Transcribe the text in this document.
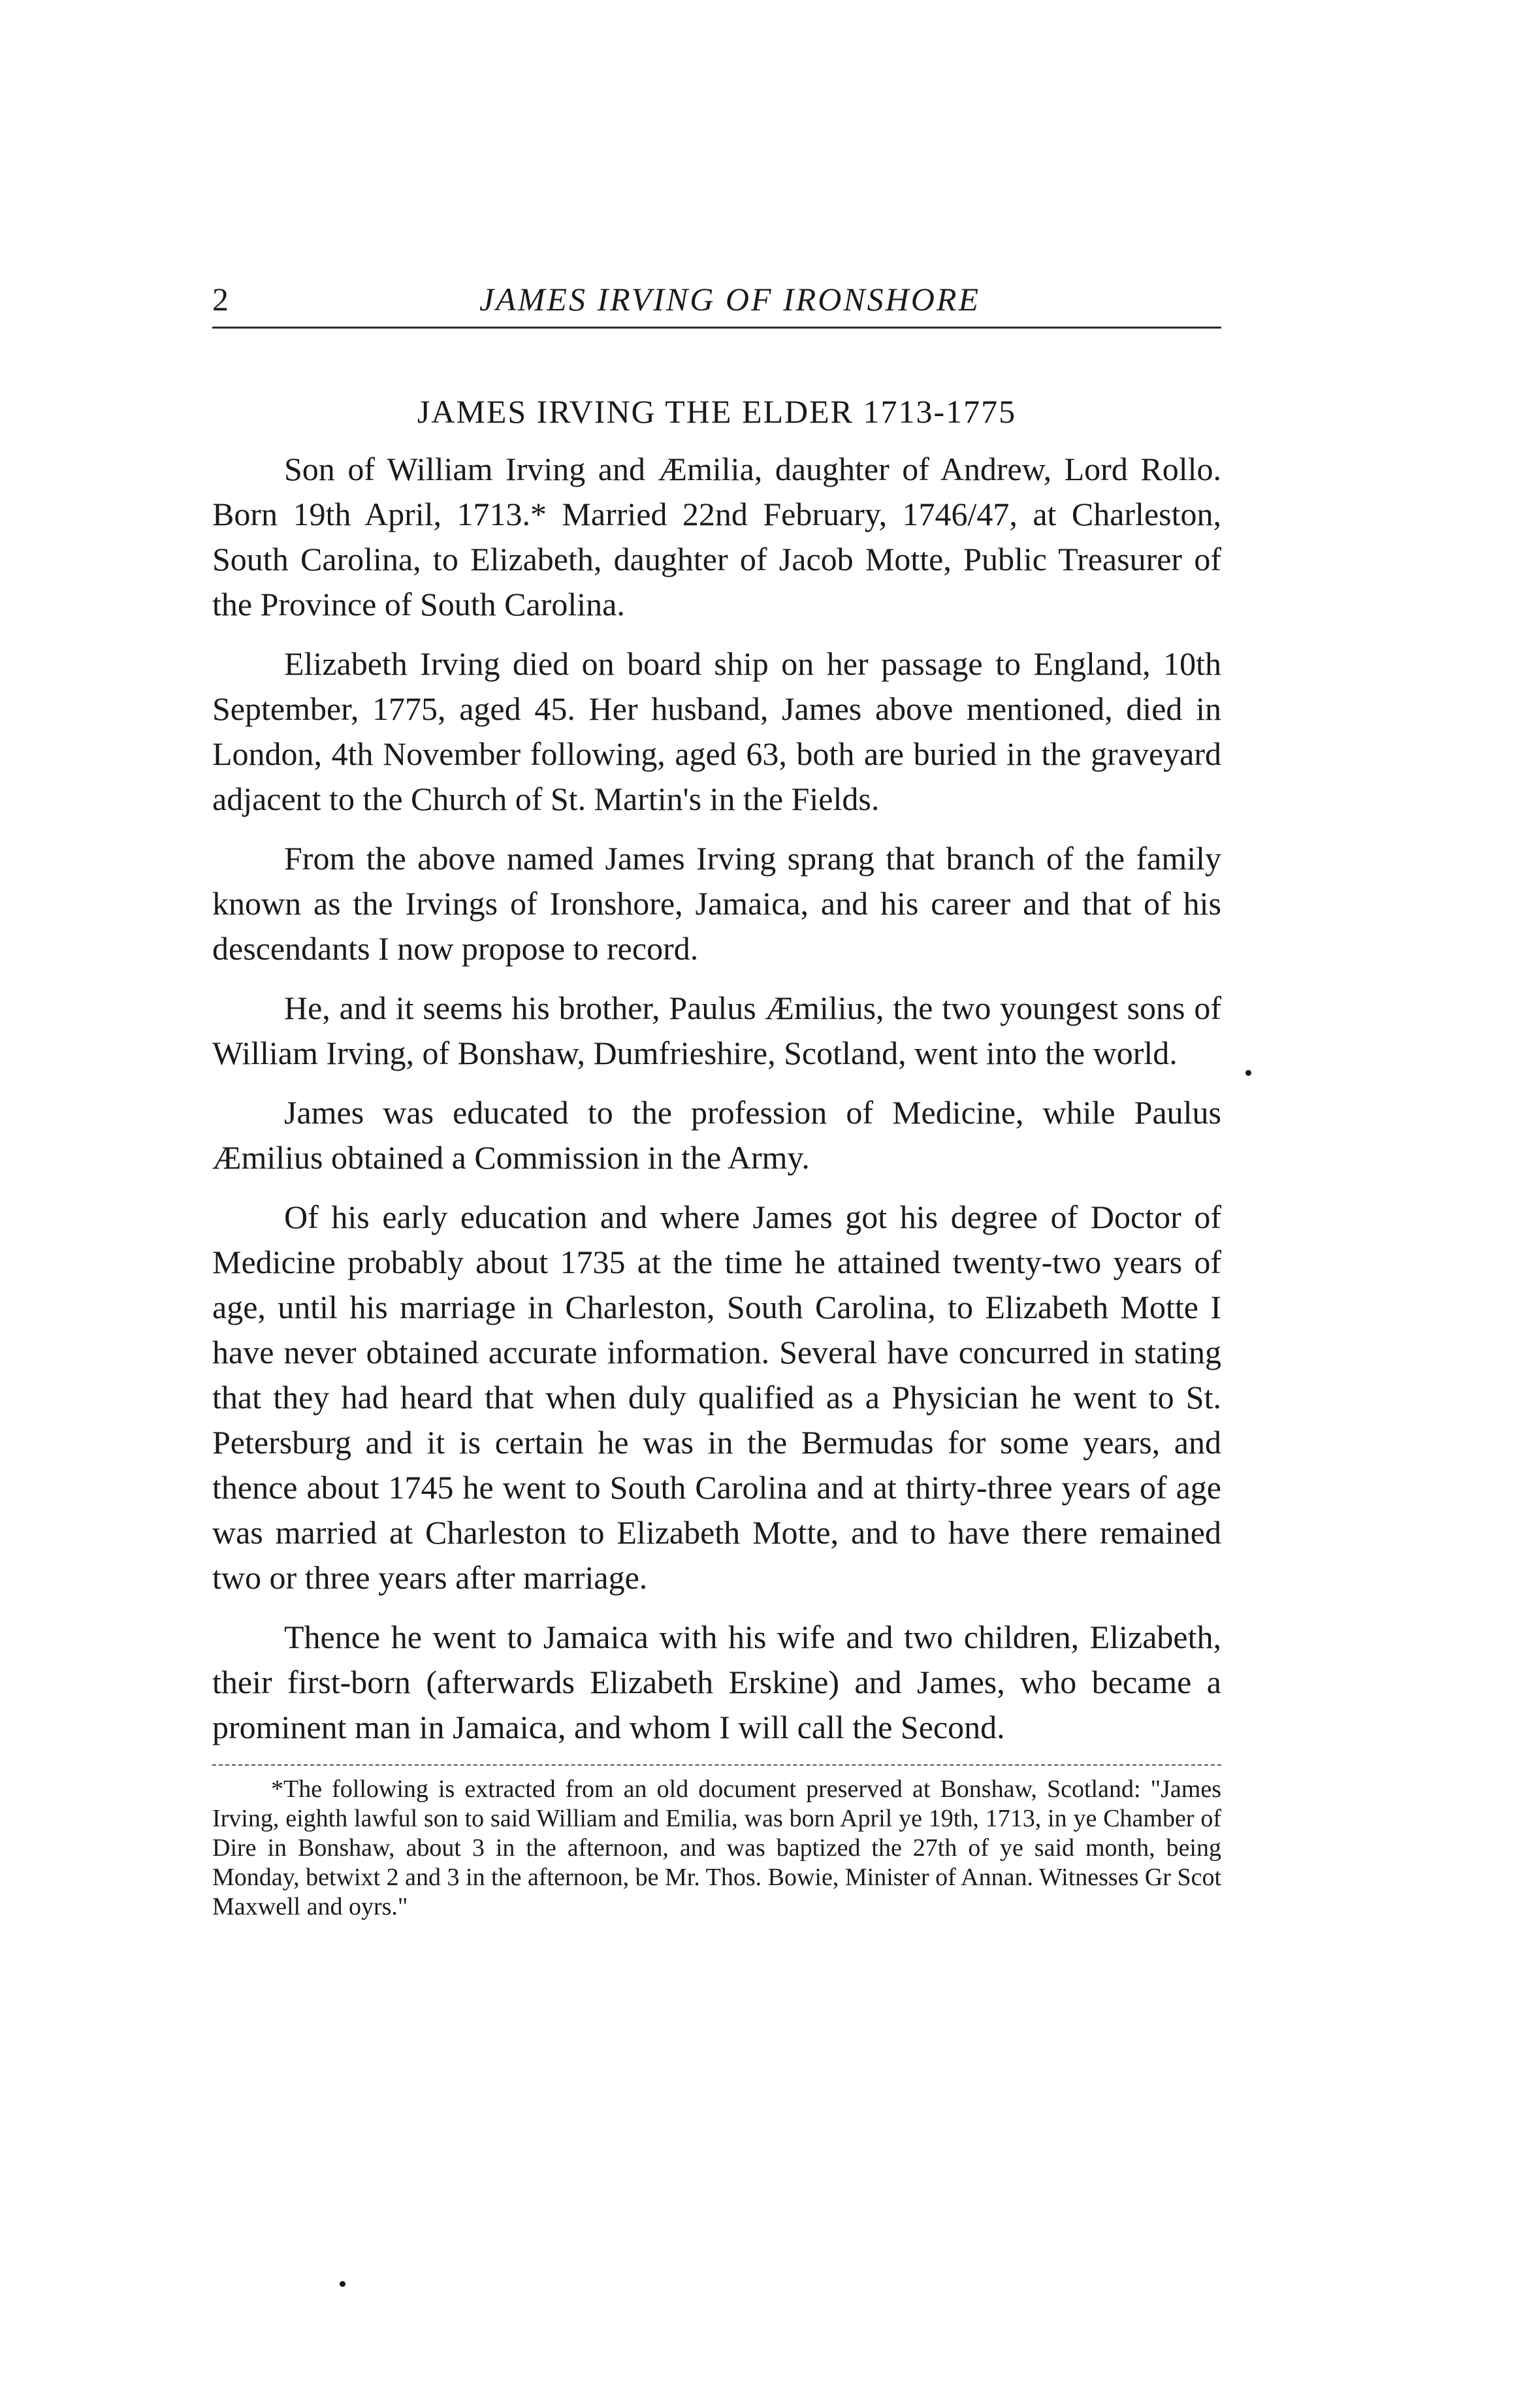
2	JAMES IRVING OF IRONSHORE
JAMES IRVING THE ELDER 1713-1775

Son of William Irving and Æmilia, daughter of Andrew, Lord Rollo. Born 19th April, 1713.* Married 22nd February, 1746/47, at Charleston, South Carolina, to Elizabeth, daughter of Jacob Motte, Public Treasurer of the Province of South Carolina.

Elizabeth Irving died on board ship on her passage to England, 10th September, 1775, aged 45. Her husband, James above mentioned, died in London, 4th November following, aged 63, both are buried in the graveyard adjacent to the Church of St. Martin's in the Fields.

From the above named James Irving sprang that branch of the family known as the Irvings of Ironshore, Jamaica, and his career and that of his descendants I now propose to record.

He, and it seems his brother, Paulus Æmilius, the two youngest sons of William Irving, of Bonshaw, Dumfrieshire, Scotland, went into the world.

James was educated to the profession of Medicine, while Paulus Æmilius obtained a Commission in the Army.

Of his early education and where James got his degree of Doctor of Medicine probably about 1735 at the time he attained twenty-two years of age, until his marriage in Charleston, South Carolina, to Elizabeth Motte I have never obtained accurate information. Several have concurred in stating that they had heard that when duly qualified as a Physician he went to St. Petersburg and it is certain he was in the Bermudas for some years, and thence about 1745 he went to South Carolina and at thirty-three years of age was married at Charleston to Elizabeth Motte, and to have there remained two or three years after marriage.

Thence he went to Jamaica with his wife and two children, Elizabeth, their first-born (afterwards Elizabeth Erskine) and James, who became a prominent man in Jamaica, and whom I will call the Second.

*The following is extracted from an old document preserved at Bonshaw, Scotland: "James Irving, eighth lawful son to said William and Emilia, was born April ye 19th, 1713, in ye Chamber of Dire in Bonshaw, about 3 in the afternoon, and was baptized the 27th of ye said month, being Monday, betwixt 2 and 3 in the afternoon, be Mr. Thos. Bowie, Minister of Annan. Witnesses Gr Scot Maxwell and oyrs."
